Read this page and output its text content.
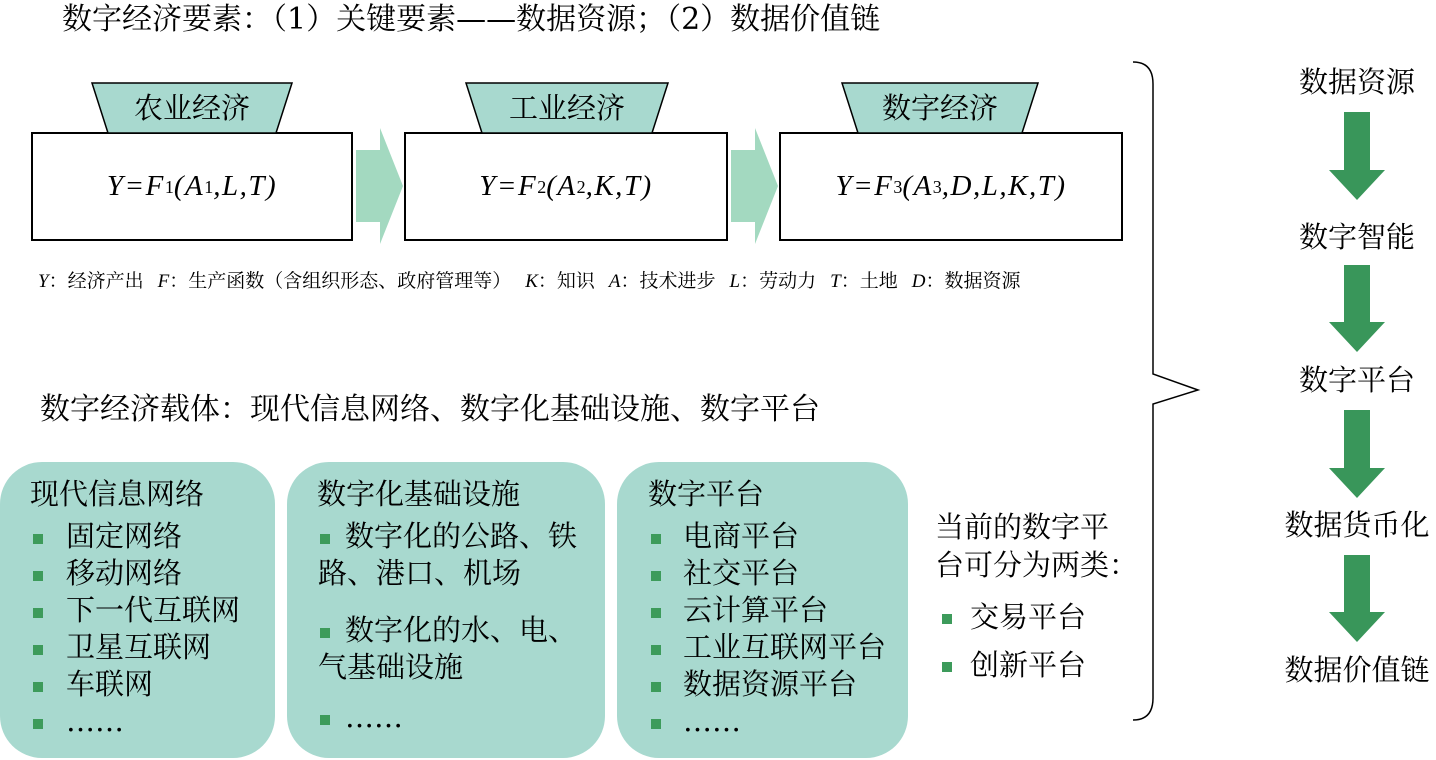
数字经济要素：（1）关键要素——数据资源；（2）数据价值链
农业经济	工业经济	数字经济
Y=F 1 (A 1 ,L,T)	Y=F 2 (A 2 ,K,T)	Y=F 3 (A 3 ,D,L,K,T)
Y：经济产出 F：生产函数（含组织形态、政府管理等） K：知识 A：技术进步 L：劳动力 T：土地 D：数据资源
数字经济载体：现代信息网络、数字化基础设施、数字平台
现代信息网络
固定网络
移动网络
下一代互联网
卫星互联网
车联网
……
数字化基础设施
数字化的公路、铁
路、港口、机场
数字化的水、电、
气基础设施
……
数字平台
电商平台
社交平台
云计算平台
工业互联网平台
数据资源平台
……
当前的数字平
台可分为两类：
交易平台
创新平台
数据资源
数字智能
数字平台
数据货币化
数据价值链
